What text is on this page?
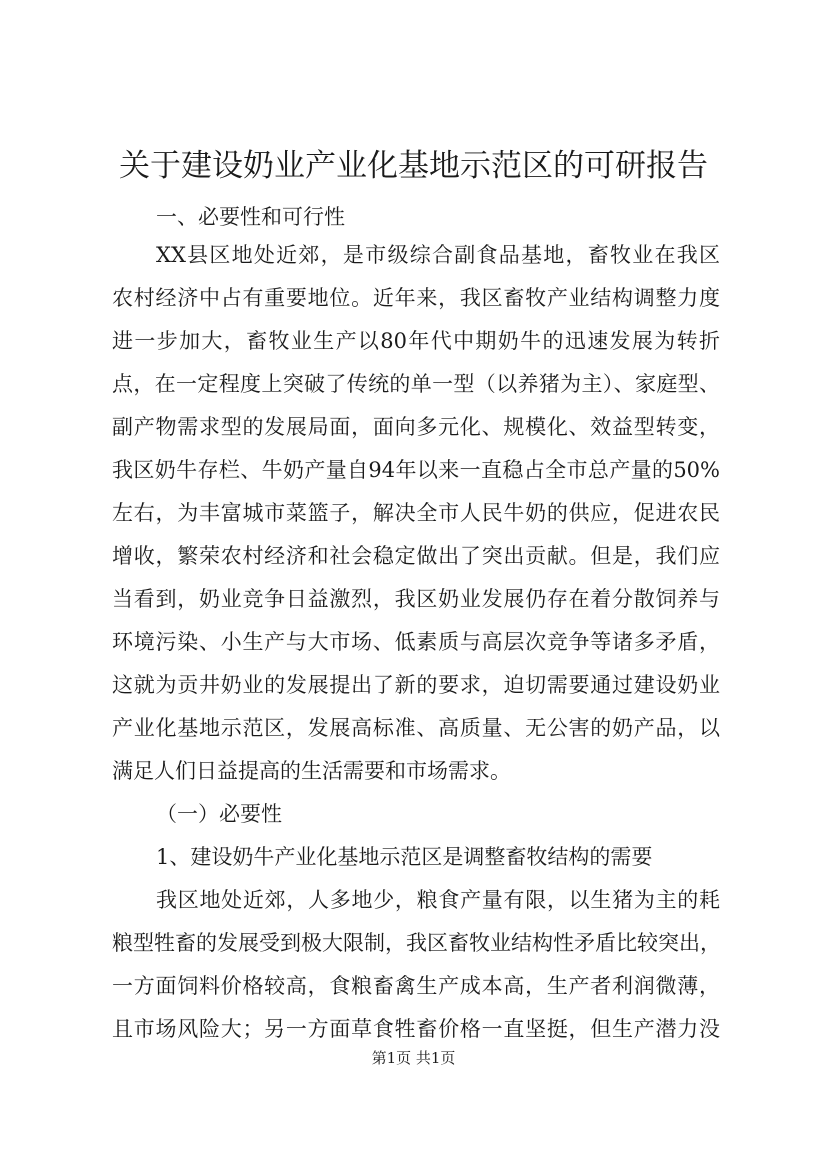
关于建设奶业产业化基地示范区的可研报告
一、必要性和可行性
XX县区地处近郊，是市级综合副食品基地，畜牧业在我区
农村经济中占有重要地位。近年来，我区畜牧产业结构调整力度
进一步加大，畜牧业生产以80年代中期奶牛的迅速发展为转折
点，在一定程度上突破了传统的单一型（以养猪为主）、家庭型、
副产物需求型的发展局面，面向多元化、规模化、效益型转变，
我区奶牛存栏、牛奶产量自94年以来一直稳占全市总产量的50%
左右，为丰富城市菜篮子，解决全市人民牛奶的供应，促进农民
增收，繁荣农村经济和社会稳定做出了突出贡献。但是，我们应
当看到，奶业竞争日益激烈，我区奶业发展仍存在着分散饲养与
环境污染、小生产与大市场、低素质与高层次竞争等诸多矛盾，
这就为贡井奶业的发展提出了新的要求，迫切需要通过建设奶业
产业化基地示范区，发展高标准、高质量、无公害的奶产品，以
满足人们日益提高的生活需要和市场需求。
（一）必要性
1、建设奶牛产业化基地示范区是调整畜牧结构的需要
我区地处近郊，人多地少，粮食产量有限，以生猪为主的耗
粮型牲畜的发展受到极大限制，我区畜牧业结构性矛盾比较突出，
一方面饲料价格较高，食粮畜禽生产成本高，生产者利润微薄，
且市场风险大；另一方面草食牲畜价格一直坚挺，但生产潜力没
第1页 共1页
